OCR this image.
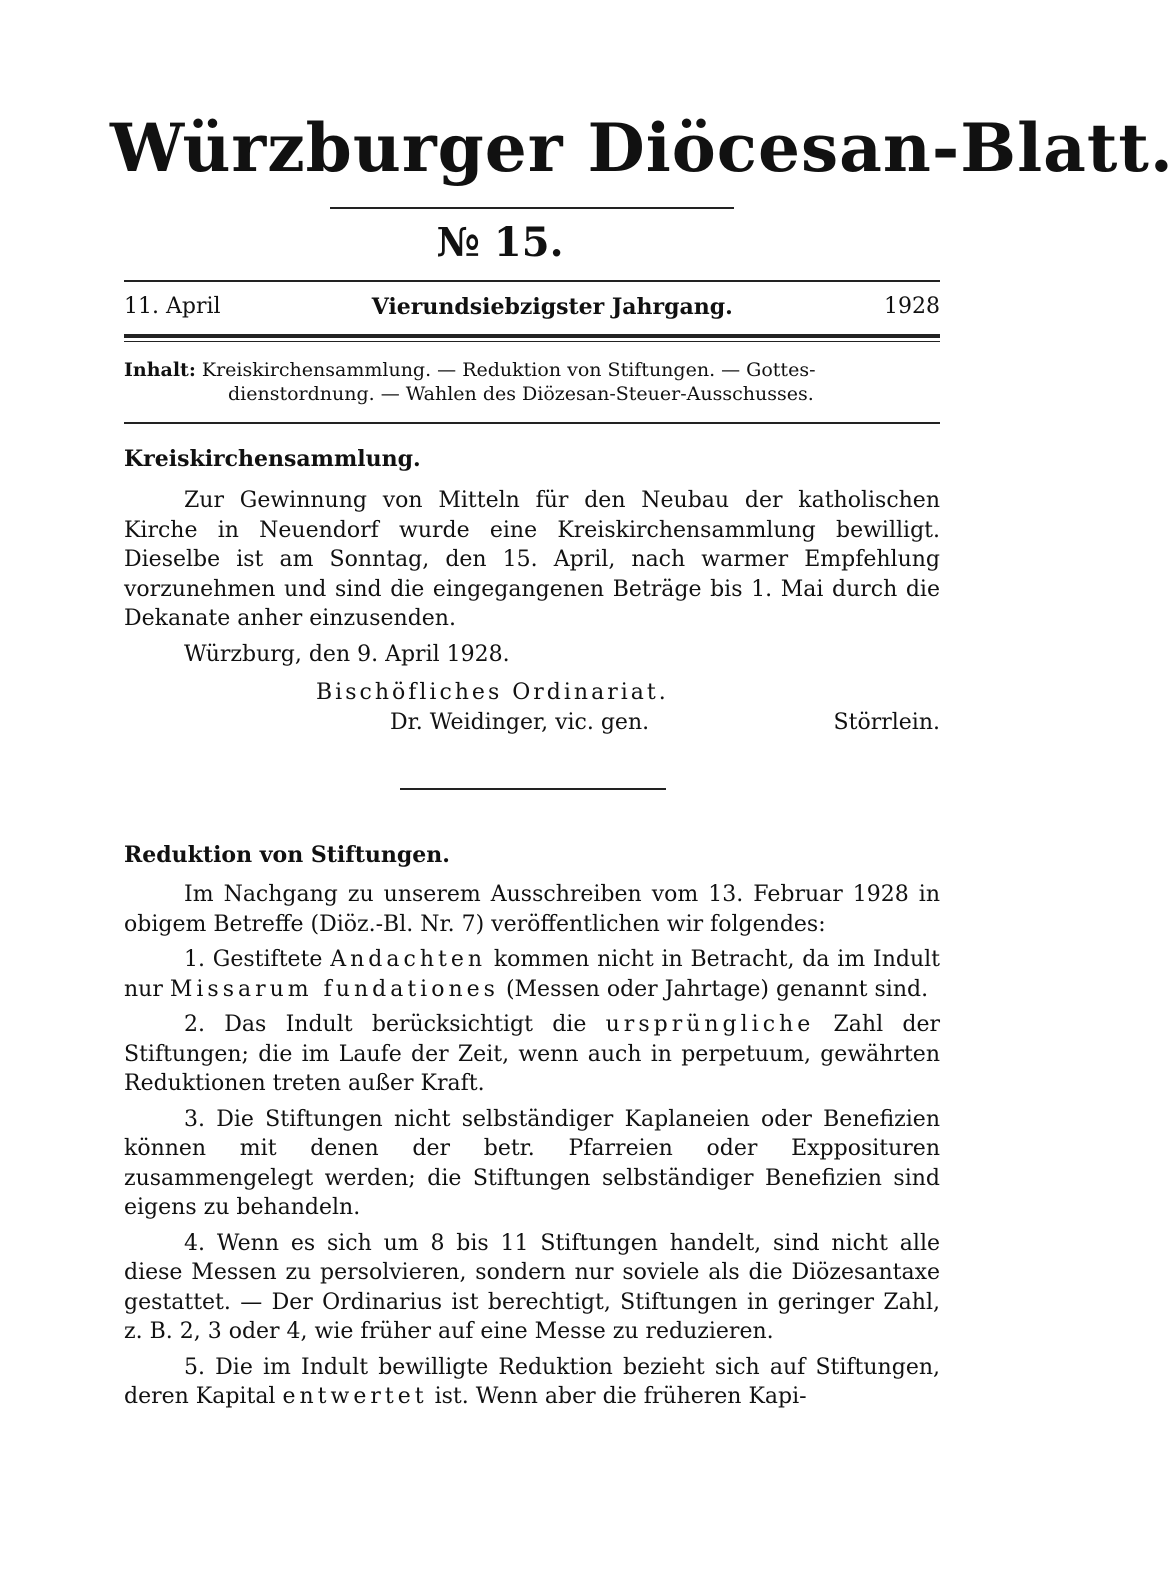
Würzburger Diöcesan-Blatt.
№ 15.
11. April	Vierundsiebzigster Jahrgang.	1928
Inhalt: Kreiskirchensammlung. — Reduktion von Stiftungen. — Gottes-
dienstordnung. — Wahlen des Diözesan-Steuer-Ausschusses.
Kreiskirchensammlung.

Zur Gewinnung von Mitteln für den Neubau der katholischen Kirche in Neuendorf wurde eine Kreiskirchensammlung bewilligt. Dieselbe ist am Sonntag, den 15. April, nach warmer Empfehlung vorzunehmen und sind die eingegangenen Beträge bis 1. Mai durch die Dekanate anher einzusenden.

Würzburg, den 9. April 1928.
Bischöfliches Ordinariat.
Dr. Weidinger, vic. gen.	Störrlein.
Reduktion von Stiftungen.

Im Nachgang zu unserem Ausschreiben vom 13. Februar 1928 in obigem Betreffe (Diöz.-Bl. Nr. 7) veröffentlichen wir folgendes:

1. Gestiftete Andachten kommen nicht in Betracht, da im Indult nur Missarum fundationes (Messen oder Jahrtage) genannt sind.

2. Das Indult berücksichtigt die ursprüngliche Zahl der Stiftungen; die im Laufe der Zeit, wenn auch in perpetuum, gewährten Reduktionen treten außer Kraft.

3. Die Stiftungen nicht selbständiger Kaplaneien oder Benefizien können mit denen der betr. Pfarreien oder Expposituren zusammengelegt werden; die Stiftungen selbständiger Benefizien sind eigens zu behandeln.

4. Wenn es sich um 8 bis 11 Stiftungen handelt, sind nicht alle diese Messen zu persolvieren, sondern nur soviele als die Diözesantaxe gestattet. — Der Ordinarius ist berechtigt, Stiftungen in geringer Zahl, z. B. 2, 3 oder 4, wie früher auf eine Messe zu reduzieren.

5. Die im Indult bewilligte Reduktion bezieht sich auf Stiftungen, deren Kapital entwertet ist. Wenn aber die früheren Kapi-
